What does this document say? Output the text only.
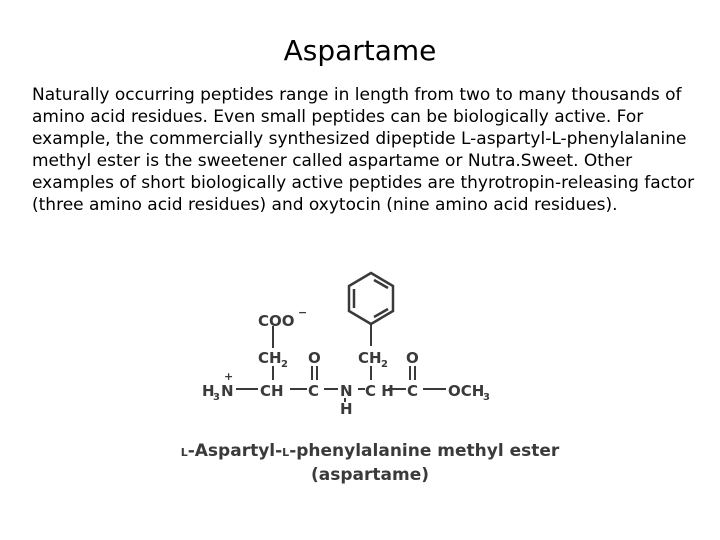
Aspartame
Naturally occurring peptides range in length from two to many thousands of amino acid residues. Even small peptides can be biologically active. For example, the commercially synthesized dipeptide L-aspartyl-L-phenylalanine methyl ester is the sweetener called aspartame or Nutra.Sweet. Other examples of short biologically active peptides are thyrotropin-releasing factor (three amino acid residues) and oxytocin (nine amino acid residues).
COO −
CH 2 O CH 2 O
H
3 N
+
CH C N
H
C H C OCH
3
L-Aspartyl-L-phenylalanine methyl ester
(aspartame)
